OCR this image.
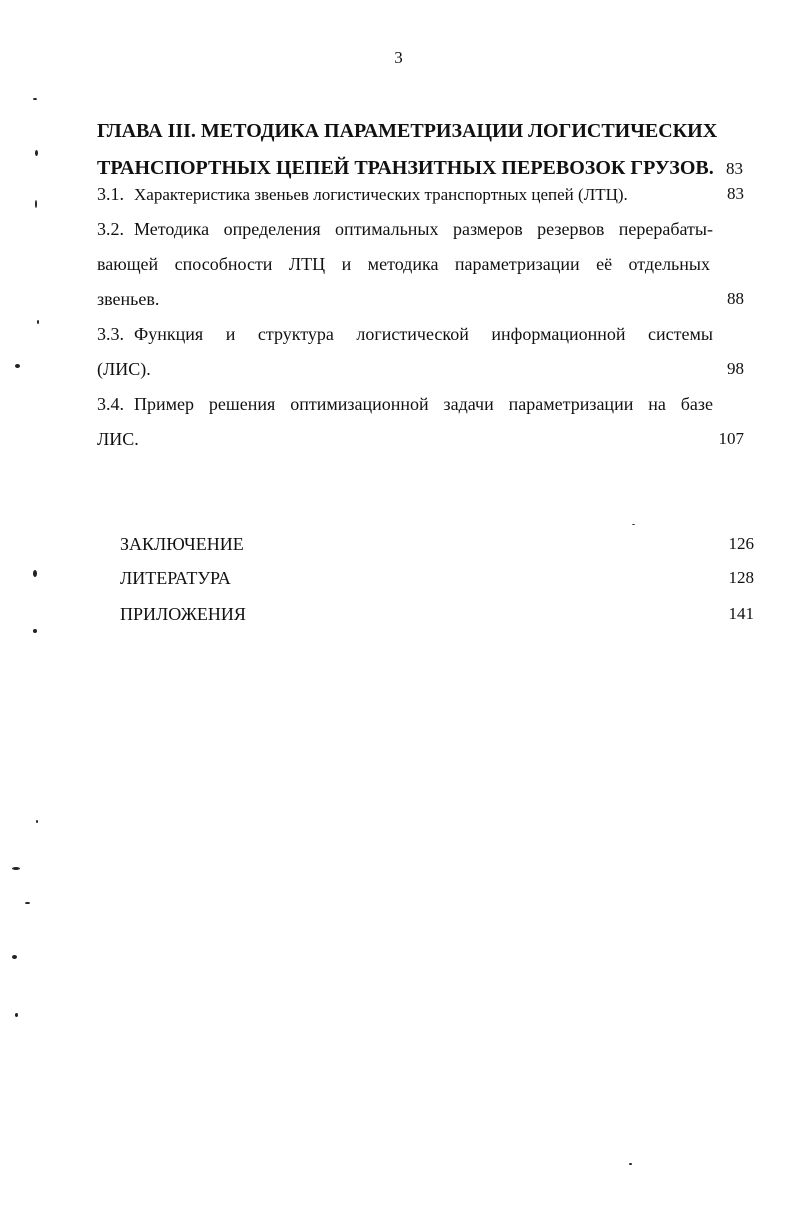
3
ГЛАВА III. МЕТОДИКА ПАРАМЕТРИЗАЦИИ ЛОГИСТИЧЕСКИХ
ТРАНСПОРТНЫХ ЦЕПЕЙ ТРАНЗИТНЫХ ПЕРЕВОЗОК ГРУЗОВ. 83
3.1. Характеристика звеньев логистических транспортных цепей (ЛТЦ).	83
3.2. Методика определения оптимальных размеров резервов перерабаты-
вающей способности ЛТЦ и методика параметризации её отдельных
звеньев.	88
3.3. Функция и структура логистической информационной системы
(ЛИС).	98
3.4. Пример решения оптимизационной задачи параметризации на базе
ЛИС.	107
ЗАКЛЮЧЕНИЕ	126
ЛИТЕРАТУРА	128
ПРИЛОЖЕНИЯ	141
